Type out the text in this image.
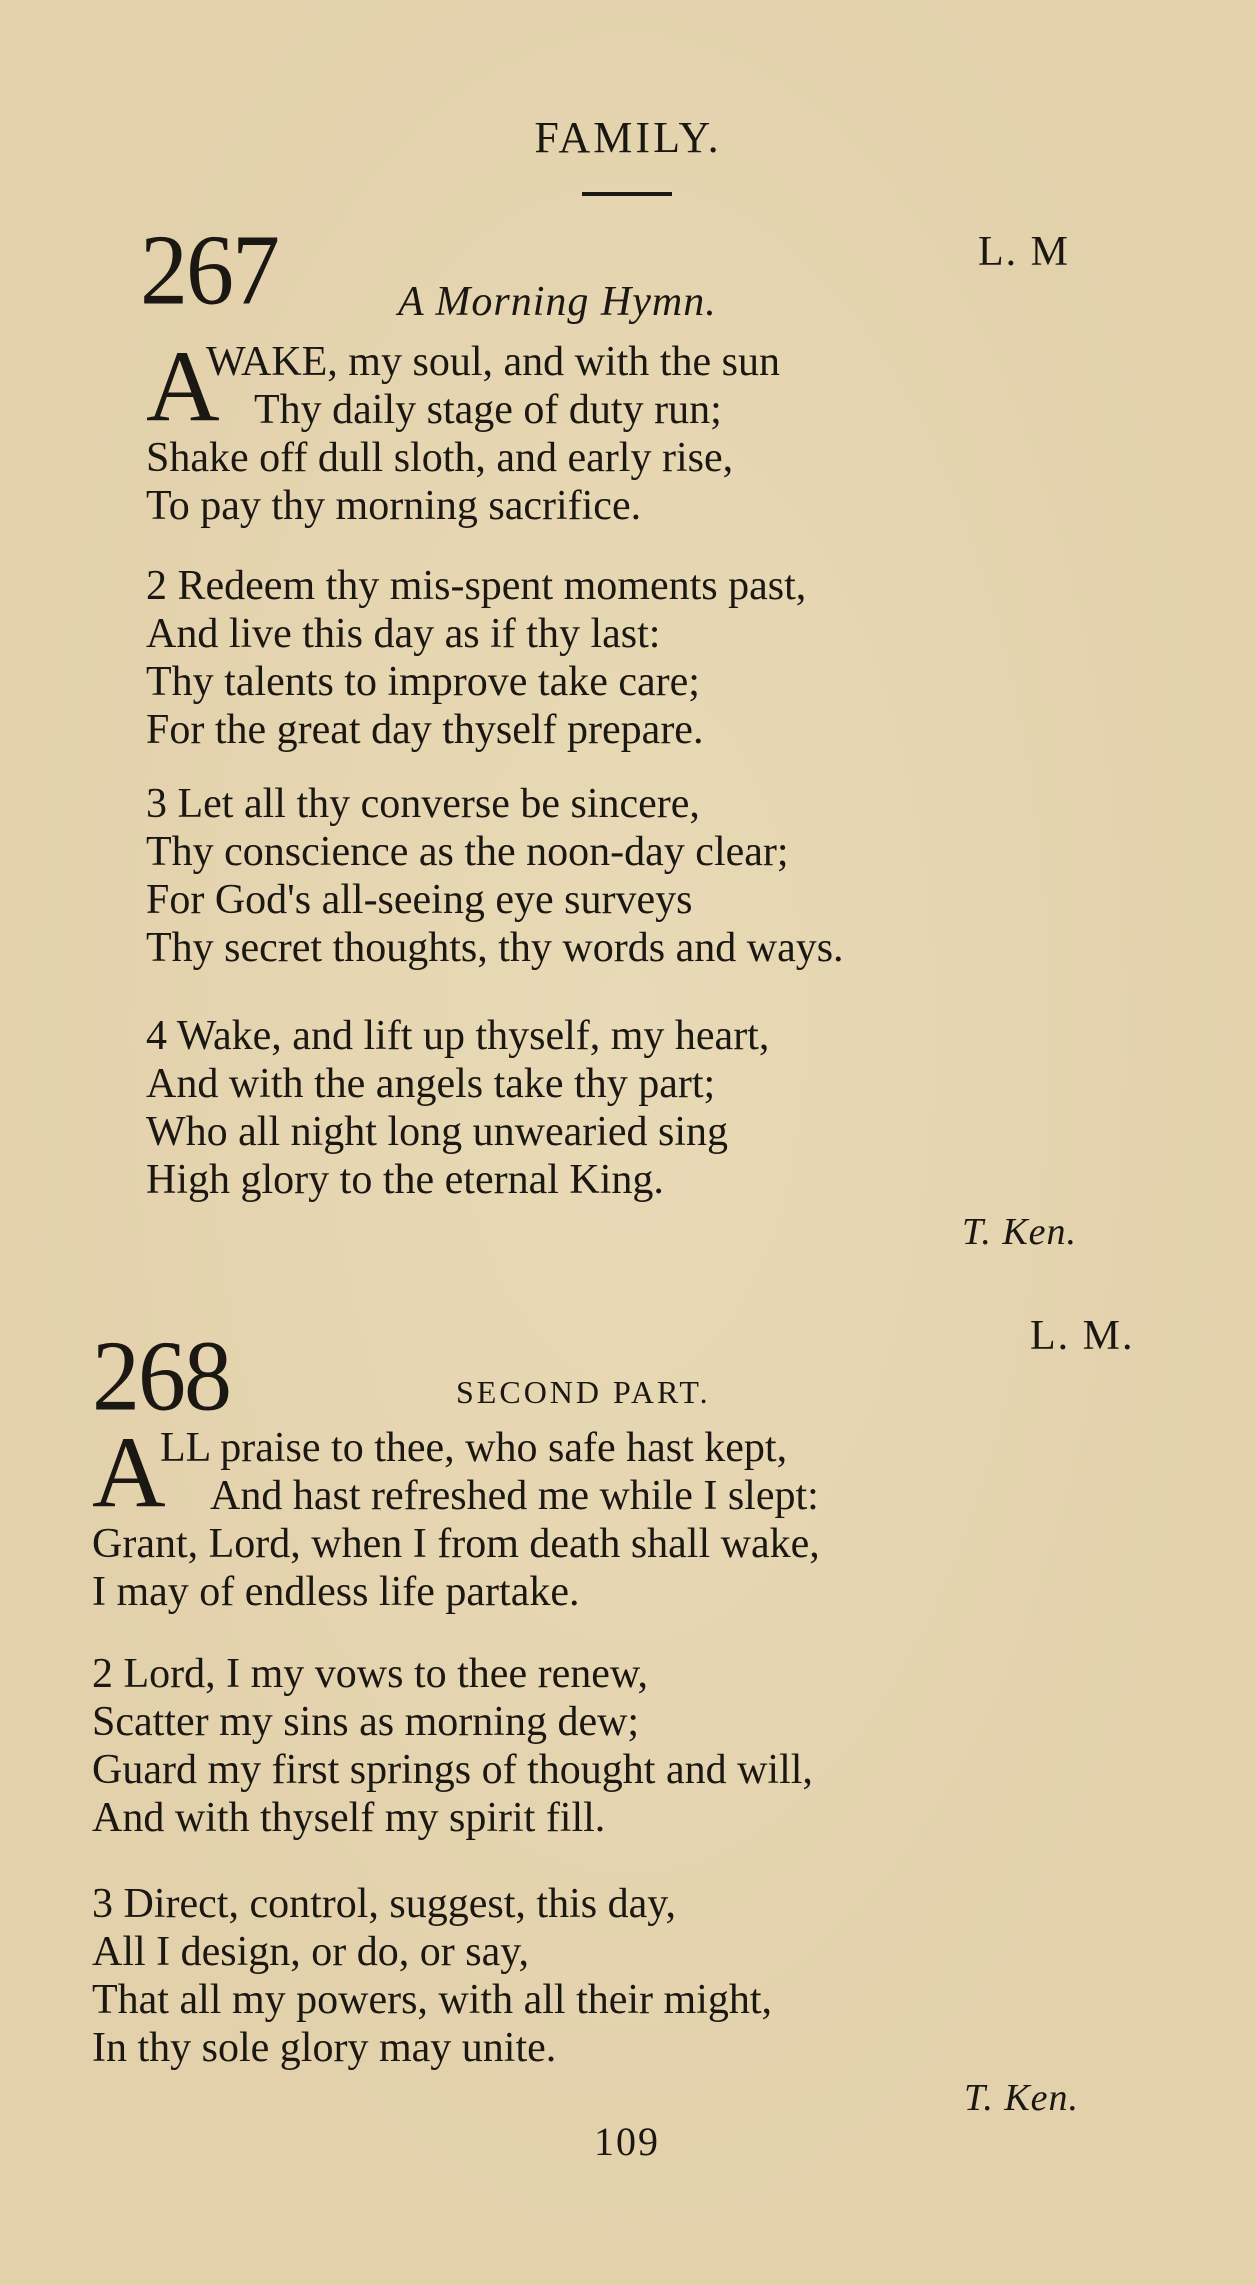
FAMILY.
267	L. M
A Morning Hymn.
A
WAKE, my soul, and with the sun
Thy daily stage of duty run;
Shake off dull sloth, and early rise,
To pay thy morning sacrifice.
2 Redeem thy mis-spent moments past,
And live this day as if thy last:
Thy talents to improve take care;
For the great day thyself prepare.
3 Let all thy converse be sincere,
Thy conscience as the noon-day clear;
For God's all-seeing eye surveys
Thy secret thoughts, thy words and ways.
4 Wake, and lift up thyself, my heart,
And with the angels take thy part;
Who all night long unwearied sing
High glory to the eternal King.
T. Ken.
268	L. M.
SECOND PART.
A
LL praise to thee, who safe hast kept,
And hast refreshed me while I slept:
Grant, Lord, when I from death shall wake,
I may of endless life partake.
2 Lord, I my vows to thee renew,
Scatter my sins as morning dew;
Guard my first springs of thought and will,
And with thyself my spirit fill.
3 Direct, control, suggest, this day,
All I design, or do, or say,
That all my powers, with all their might,
In thy sole glory may unite.
T. Ken.
109
